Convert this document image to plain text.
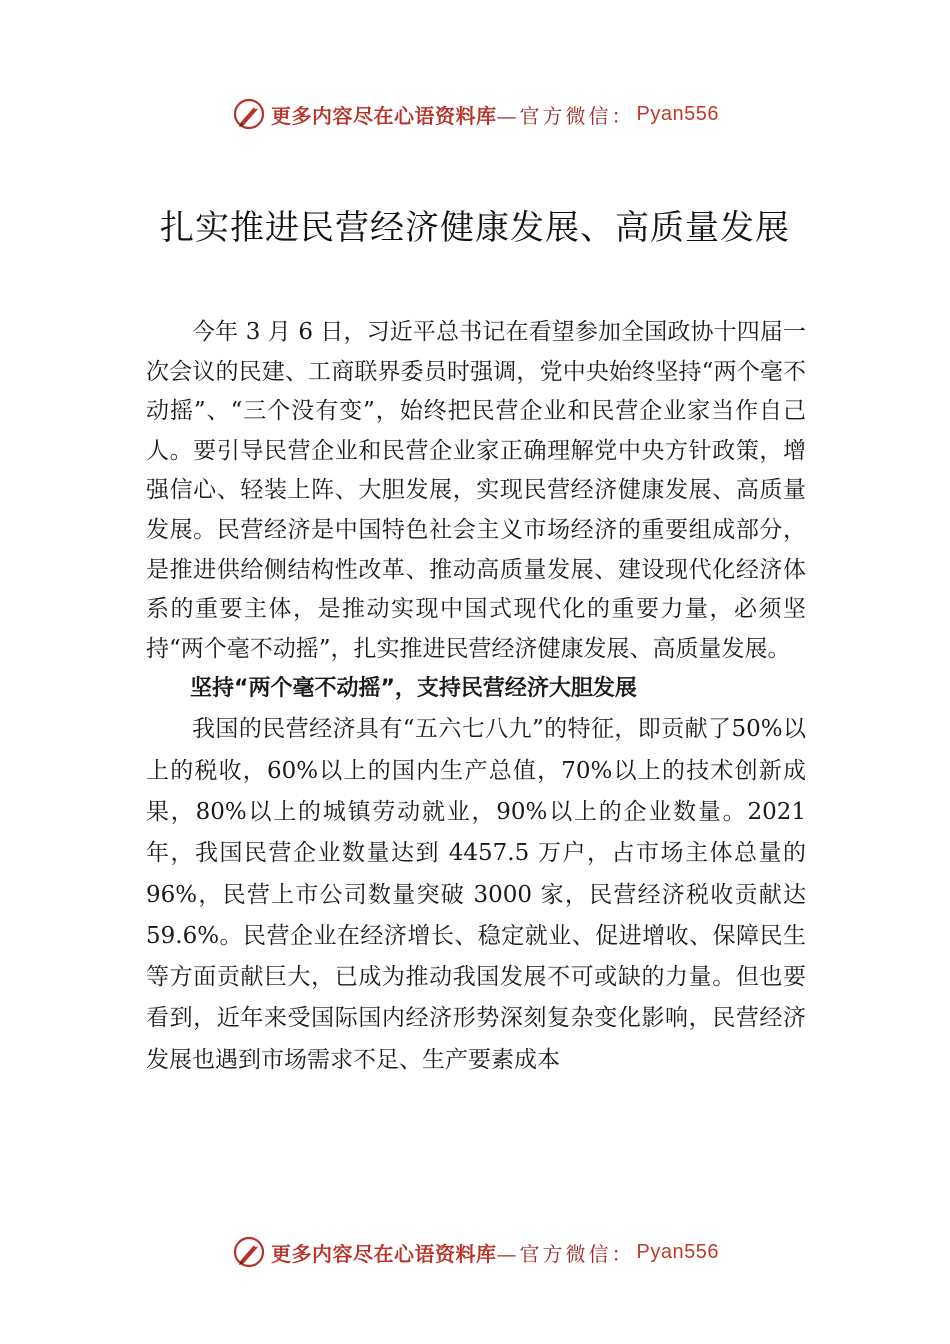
更多内容尽在心语资料库 —官方微信： Pyan556
扎实推进民营经济健康发展、高质量发展

今年 3 月 6 日，习近平总书记在看望参加全国政协十四届一次会议的民建、工商联界委员时强调，党中央始终坚持“两个毫不动摇”、“三个没有变”，始终把民营企业和民营企业家当作自己人。要引导民营企业和民营企业家正确理解党中央方针政策，增强信心、轻装上阵、大胆发展，实现民营经济健康发展、高质量发展。民营经济是中国特色社会主义市场经济的重要组成部分，是推进供给侧结构性改革、推动高质量发展、建设现代化经济体系的重要主体，是推动实现中国式现代化的重要力量，必须坚持“两个毫不动摇”，扎实推进民营经济健康发展、高质量发展。

坚持“两个毫不动摇”，支持民营经济大胆发展

我国的民营经济具有“五六七八九”的特征，即贡献了50%以上的税收，60%以上的国内生产总值，70%以上的技术创新成果，80%以上的城镇劳动就业，90%以上的企业数量。2021 年，我国民营企业数量达到 4457.5 万户，占市场主体总量的 96%，民营上市公司数量突破 3000 家，民营经济税收贡献达 59.6%。民营企业在经济增长、稳定就业、促进增收、保障民生等方面贡献巨大，已成为推动我国发展不可或缺的力量。但也要看到，近年来受国际国内经济形势深刻复杂变化影响，民营经济发展也遇到市场需求不足、生产要素成本

更多内容尽在心语资料库 —官方微信： Pyan556
